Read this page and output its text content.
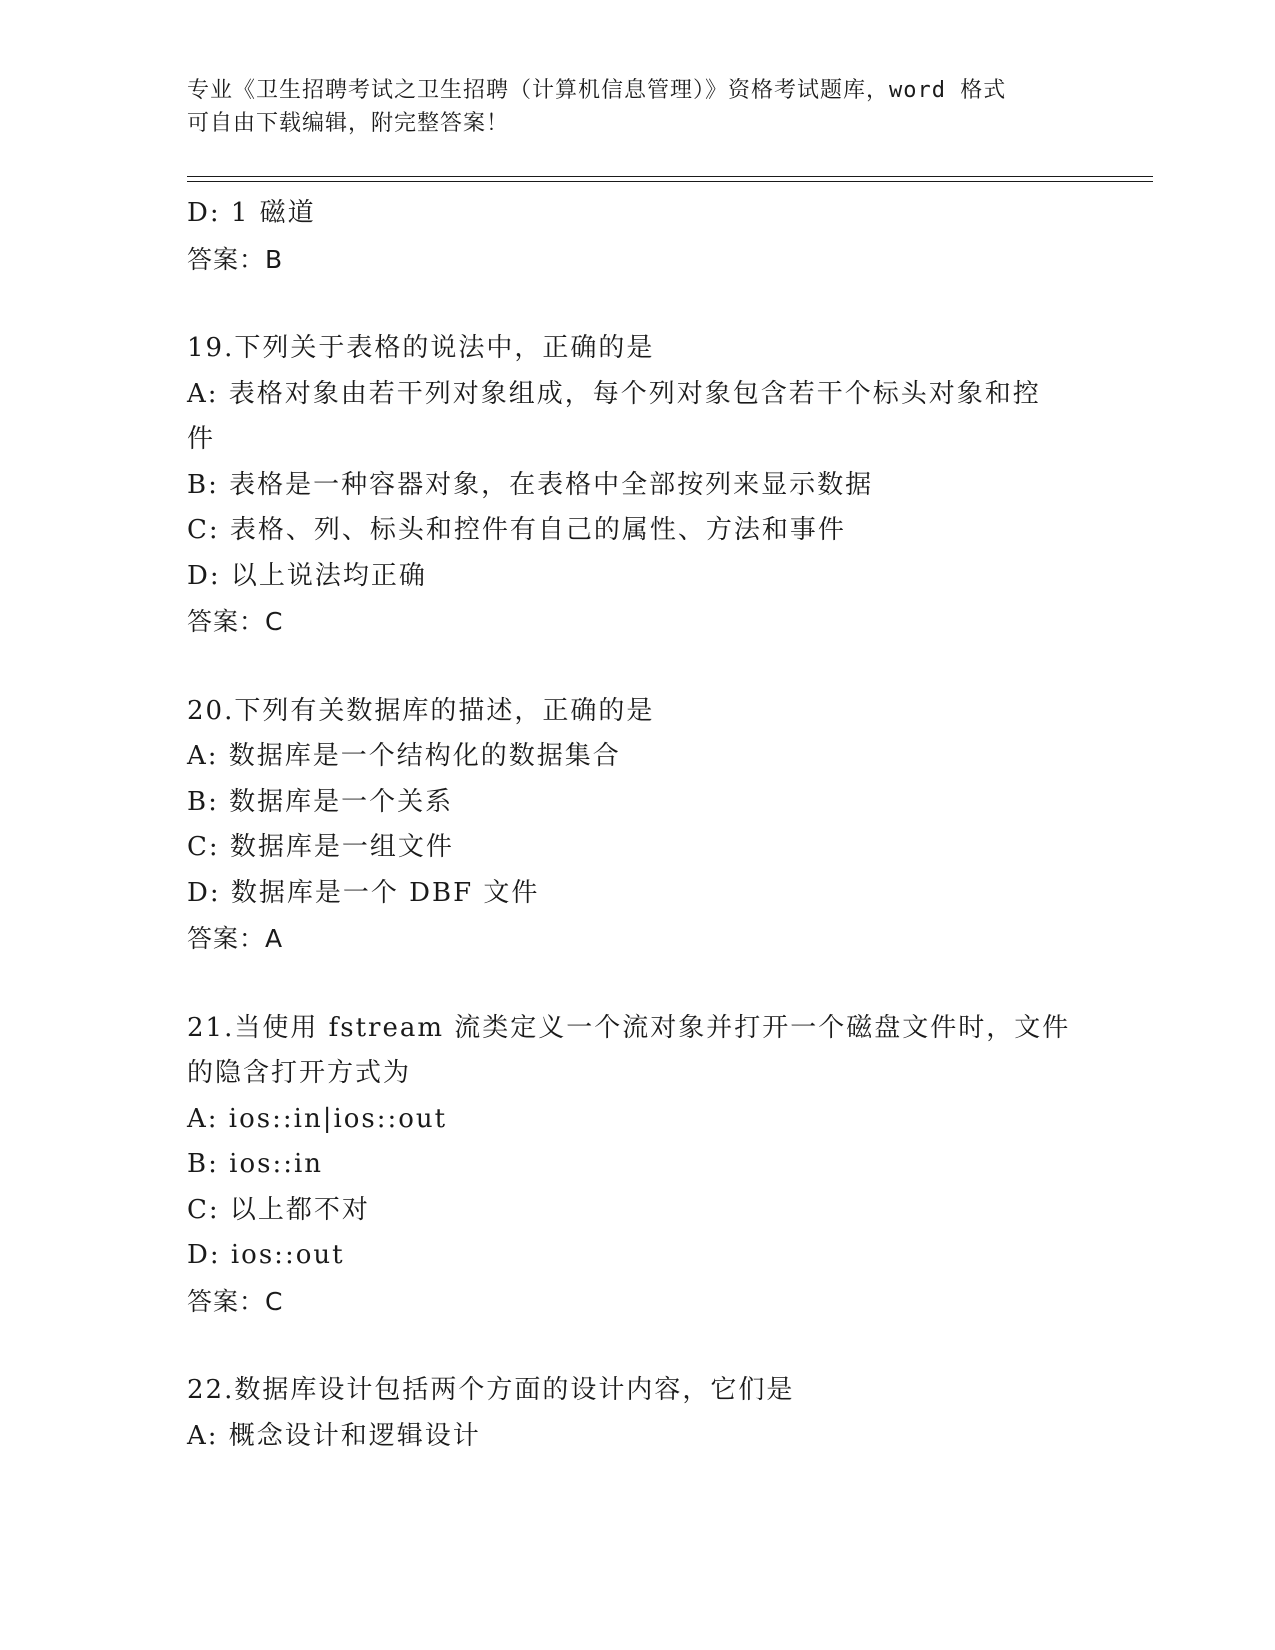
专业《卫生招聘考试之卫生招聘（计算机信息管理）》资格考试题库，word 格式
可自由下载编辑，附完整答案！
D: 1 磁道
答案：B
19.下列关于表格的说法中，正确的是
A: 表格对象由若干列对象组成，每个列对象包含若干个标头对象和控
件
B: 表格是一种容器对象，在表格中全部按列来显示数据
C: 表格、列、标头和控件有自己的属性、方法和事件
D: 以上说法均正确
答案：C
20.下列有关数据库的描述，正确的是
A: 数据库是一个结构化的数据集合
B: 数据库是一个关系
C: 数据库是一组文件
D: 数据库是一个 DBF 文件
答案：A
21.当使用 fstream 流类定义一个流对象并打开一个磁盘文件时，文件
的隐含打开方式为
A: ios::in|ios::out
B: ios::in
C: 以上都不对
D: ios::out
答案：C
22.数据库设计包括两个方面的设计内容，它们是
A: 概念设计和逻辑设计
